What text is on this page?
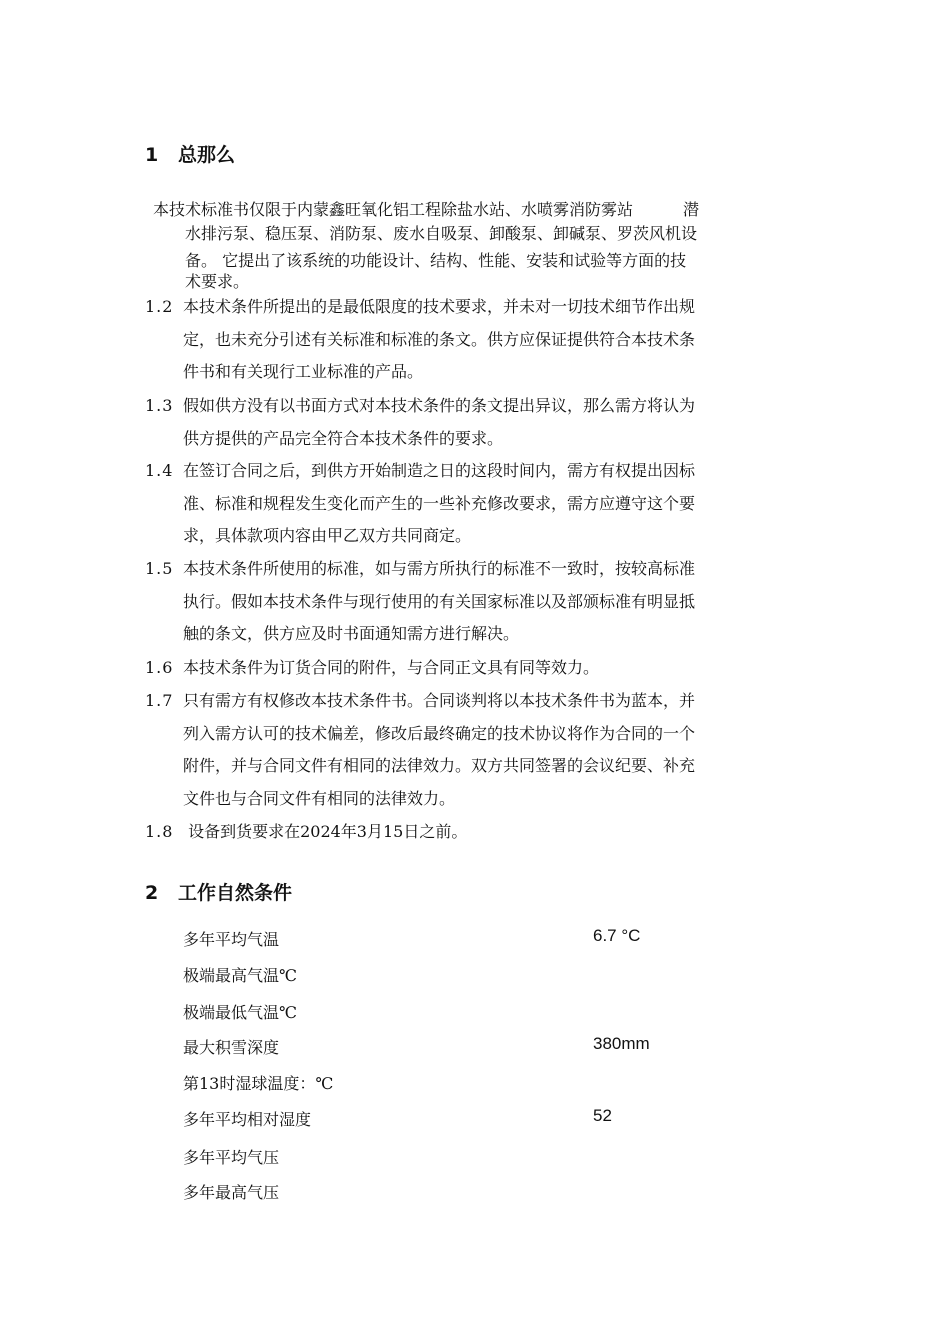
1 总那么
本技术标准书仅限于内蒙鑫旺氧化铝工程除盐水站、水喷雾消防雾站	潜
水排污泵、稳压泵、消防泵、废水自吸泵、卸酸泵、卸碱泵、罗茨风机设
备。 它提出了该系统的功能设计、结构、性能、安装和试验等方面的技
术要求。
1.2 本技术条件所提出的是最低限度的技术要求，并未对一切技术细节作出规
定，也未充分引述有关标准和标准的条文。供方应保证提供符合本技术条
件书和有关现行工业标准的产品。
1.3 假如供方没有以书面方式对本技术条件的条文提出异议，那么需方将认为
供方提供的产品完全符合本技术条件的要求。
1.4 在签订合同之后，到供方开始制造之日的这段时间内，需方有权提出因标
准、标准和规程发生变化而产生的一些补充修改要求，需方应遵守这个要
求，具体款项内容由甲乙双方共同商定。
1.5 本技术条件所使用的标准，如与需方所执行的标准不一致时，按较高标准
执行。假如本技术条件与现行使用的有关国家标准以及部颁标准有明显抵
触的条文，供方应及时书面通知需方进行解决。
1.6 本技术条件为订货合同的附件，与合同正文具有同等效力。
1.7 只有需方有权修改本技术条件书。合同谈判将以本技术条件书为蓝本，并
列入需方认可的技术偏差，修改后最终确定的技术协议将作为合同的一个
附件，并与合同文件有相同的法律效力。双方共同签署的会议纪要、补充
文件也与合同文件有相同的法律效力。
1.8 设备到货要求在2024年3月15日之前。
2 工作自然条件
多年平均气温	6.7 °C
极端最高气温℃
极端最低气温℃
最大积雪深度	380mm
第13时湿球温度：℃
多年平均相对湿度	52
多年平均气压
多年最高气压
